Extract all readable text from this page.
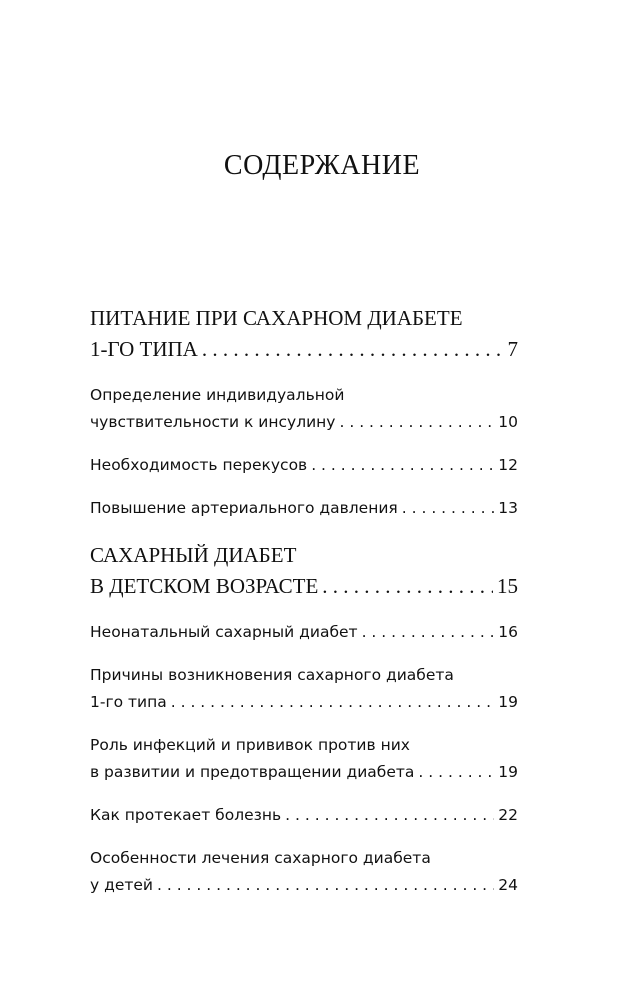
СОДЕРЖАНИЕ
ПИТАНИЕ ПРИ САХАРНОМ ДИАБЕТЕ
1-ГО ТИПА . . .	7
Определение индивидуальной
чувствительности к инсулину . . .	10
Необходимость перекусов . . .	12
Повышение артериального давления . . .	13
САХАРНЫЙ ДИАБЕТ
В ДЕТСКОМ ВОЗРАСТЕ . . .	15
Неонатальный сахарный диабет . . .	16
Причины возникновения сахарного диабета
1-го типа . . .	19
Роль инфекций и прививок против них
в развитии и предотвращении диабета . . .	19
Как протекает болезнь . . .	22
Особенности лечения сахарного диабета
у детей . . .	24
